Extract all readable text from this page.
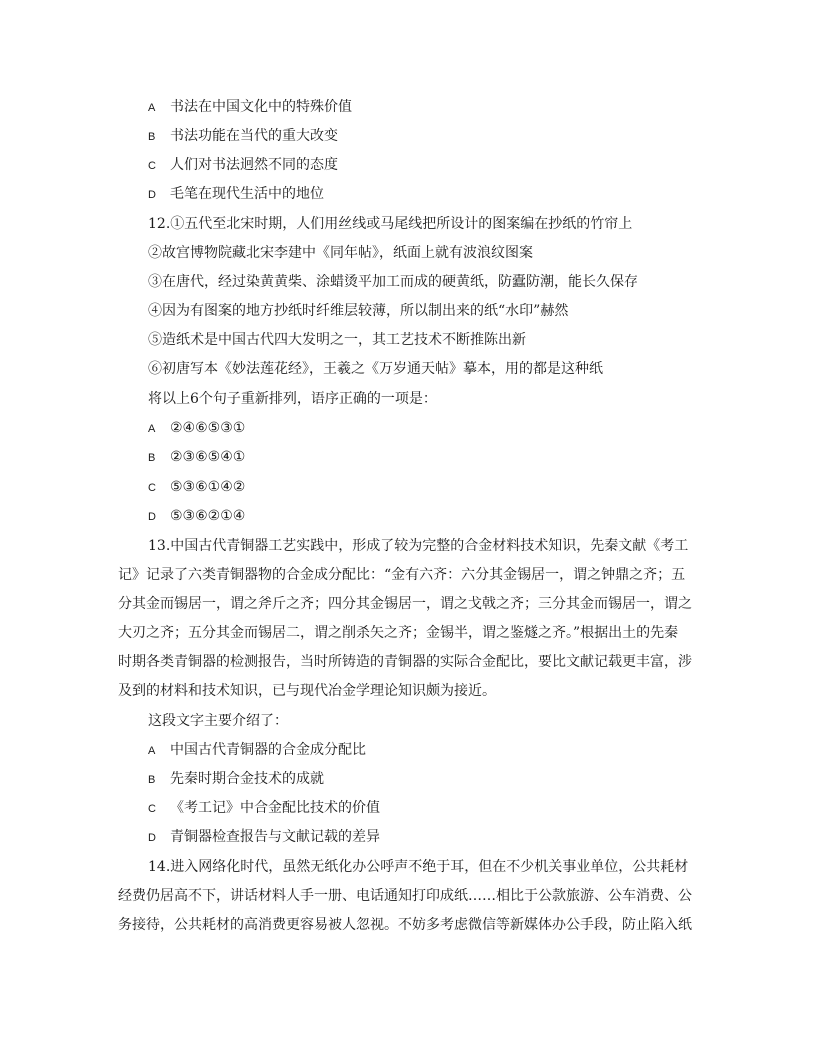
A 书法在中国文化中的特殊价值
B 书法功能在当代的重大改变
C 人们对书法迥然不同的态度
D 毛笔在现代生活中的地位
12.①五代至北宋时期，人们用丝线或马尾线把所设计的图案编在抄纸的竹帘上
②故宫博物院藏北宋李建中《同年帖》，纸面上就有波浪纹图案
③在唐代，经过染黄黄柴、涂蜡烫平加工而成的硬黄纸，防蠹防潮，能长久保存
④因为有图案的地方抄纸时纤维层较薄，所以制出来的纸“水印”赫然
⑤造纸术是中国古代四大发明之一，其工艺技术不断推陈出新
⑥初唐写本《妙法莲花经》，王羲之《万岁通天帖》摹本，用的都是这种纸
将以上6个句子重新排列，语序正确的一项是：
A ②④⑥⑤③①
B ②③⑥⑤④①
C ⑤③⑥①④②
D ⑤③⑥②①④
13.中国古代青铜器工艺实践中，形成了较为完整的合金材料技术知识，先秦文献《考工
记》记录了六类青铜器物的合金成分配比：“金有六齐：六分其金锡居一，谓之钟鼎之齐；五
分其金而锡居一，谓之斧斤之齐；四分其金锡居一，谓之戈戟之齐；三分其金而锡居一，谓之
大刃之齐；五分其金而锡居二，谓之削杀矢之齐；金锡半，谓之鉴燧之齐。”根据出土的先秦
时期各类青铜器的检测报告，当时所铸造的青铜器的实际合金配比，要比文献记载更丰富，涉
及到的材料和技术知识，已与现代冶金学理论知识颇为接近。
这段文字主要介绍了：
A 中国古代青铜器的合金成分配比
B 先秦时期合金技术的成就
C 《考工记》中合金配比技术的价值
D 青铜器检查报告与文献记载的差异
14.进入网络化时代，虽然无纸化办公呼声不绝于耳，但在不少机关事业单位，公共耗材
经费仍居高不下，讲话材料人手一册、电话通知打印成纸……相比于公款旅游、公车消费、公
务接待，公共耗材的高消费更容易被人忽视。不妨多考虑微信等新媒体办公手段，防止陷入纸
